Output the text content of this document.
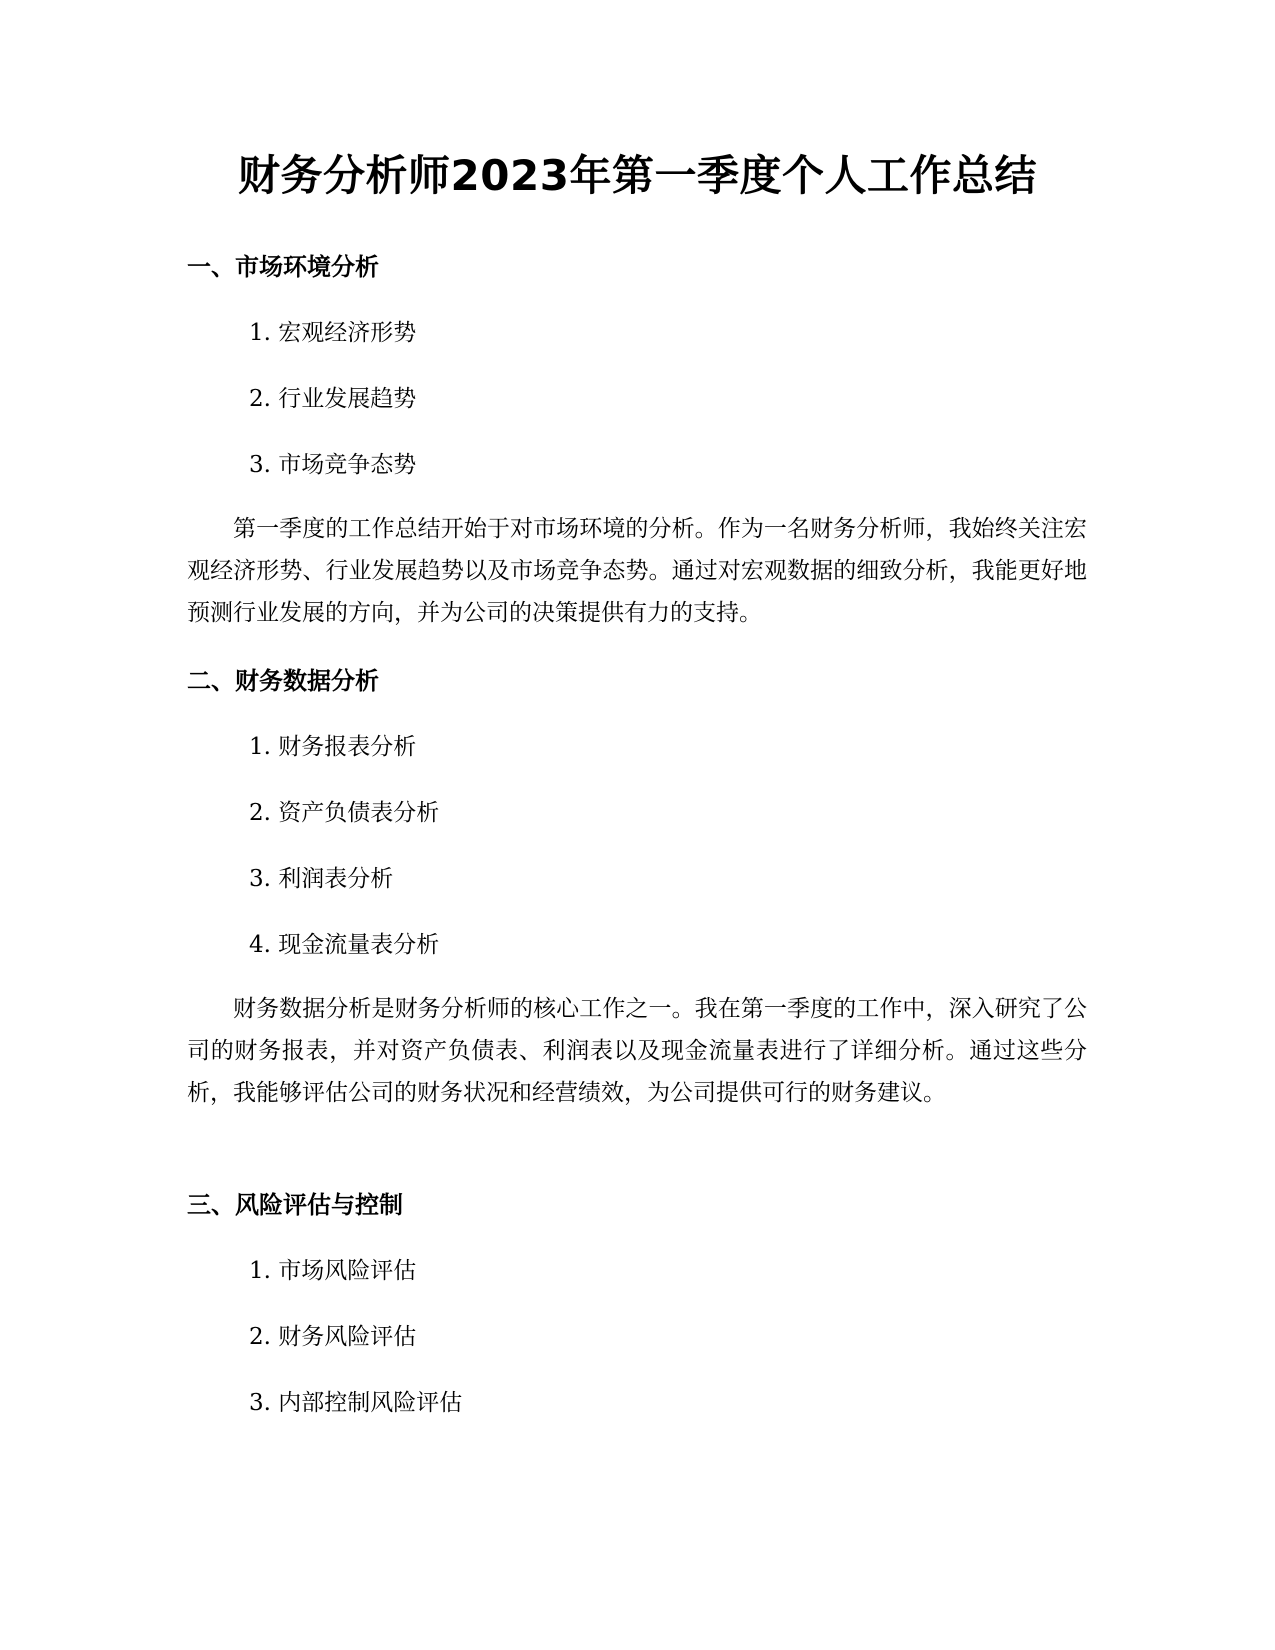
财务分析师2023年第一季度个人工作总结
一、市场环境分析
1. 宏观经济形势
2. 行业发展趋势
3. 市场竞争态势

第一季度的工作总结开始于对市场环境的分析。作为一名财务分析师，我始终关注宏观经济形势、行业发展趋势以及市场竞争态势。通过对宏观数据的细致分析，我能更好地预测行业发展的方向，并为公司的决策提供有力的支持。

二、财务数据分析
1. 财务报表分析
2. 资产负债表分析
3. 利润表分析
4. 现金流量表分析

财务数据分析是财务分析师的核心工作之一。我在第一季度的工作中，深入研究了公司的财务报表，并对资产负债表、利润表以及现金流量表进行了详细分析。通过这些分析，我能够评估公司的财务状况和经营绩效，为公司提供可行的财务建议。

三、风险评估与控制
1. 市场风险评估
2. 财务风险评估
3. 内部控制风险评估
